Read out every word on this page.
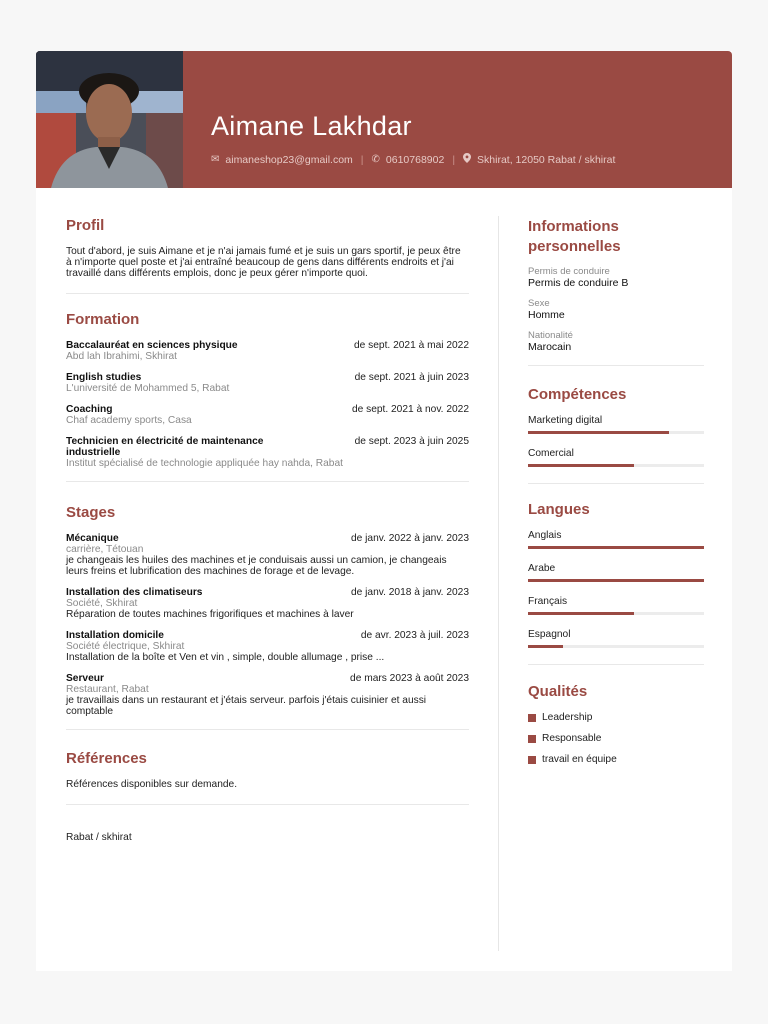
Aimane Lakhdar
✉ aimaneshop23@gmail.com | ✆ 0610768902 | Skhirat, 12050 Rabat / skhirat
Profil
Tout d'abord, je suis Aimane et je n'ai jamais fumé et je suis un gars sportif, je peux être à n'importe quel poste et j'ai entraîné beaucoup de gens dans différents endroits et j'ai travaillé dans différents emplois, donc je peux gérer n'importe quoi.
Formation
Baccalauréat en sciences physique	de sept. 2021 à mai 2022
Abd lah Ibrahimi, Skhirat
English studies	de sept. 2021 à juin 2023
L'université de Mohammed 5, Rabat
Coaching	de sept. 2021 à nov. 2022
Chaf academy sports, Casa
Technicien en électricité de maintenance industrielle
de sept. 2023 à juin 2025
Institut spécialisé de technologie appliquée hay nahda, Rabat
Stages
Mécanique	de janv. 2022 à janv. 2023
carrière, Tétouan
je changeais les huiles des machines et je conduisais aussi un camion, je changeais leurs freins et lubrification des machines de forage et de levage.
Installation des climatiseurs	de janv. 2018 à janv. 2023
Société, Skhirat
Réparation de toutes machines frigorifiques et machines à laver
Installation domicile	de avr. 2023 à juil. 2023
Société électrique, Skhirat
Installation de la boîte et Ven et vin , simple, double allumage , prise ...
Serveur	de mars 2023 à août 2023
Restaurant, Rabat
je travaillais dans un restaurant et j'étais serveur. parfois j'étais cuisinier et aussi comptable
Références
Références disponibles sur demande.
Rabat / skhirat
Informations personnelles
Permis de conduire
Permis de conduire B
Sexe
Homme
Nationalité
Marocain
Compétences
Marketing digital
Comercial
Langues
Anglais
Arabe
Français
Espagnol
Qualités
Leadership
Responsable
travail en équipe
